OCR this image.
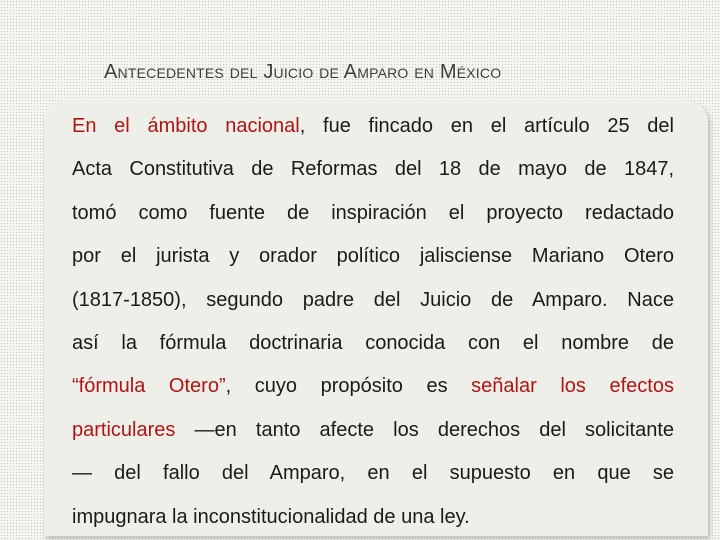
Antecedentes del Juicio de Amparo en México

En el ámbito nacional, fue fincado en el artículo 25 del
Acta Constitutiva de Reformas del 18 de mayo de 1847,
tomó como fuente de inspiración el proyecto redactado
por el jurista y orador político jalisciense Mariano Otero
(1817-1850), segundo padre del Juicio de Amparo. Nace
así la fórmula doctrinaria conocida con el nombre de
“fórmula Otero”, cuyo propósito es señalar los efectos
particulares —en tanto afecte los derechos del solicitante
— del fallo del Amparo, en el supuesto en que se
impugnara la inconstitucionalidad de una ley.
